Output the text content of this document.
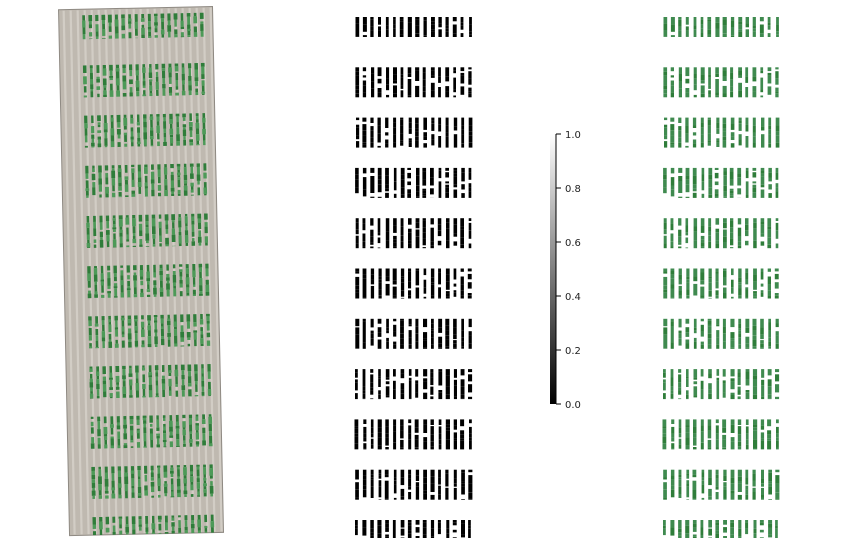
1.0
0.8
0.6
0.4
0.2
0.0
